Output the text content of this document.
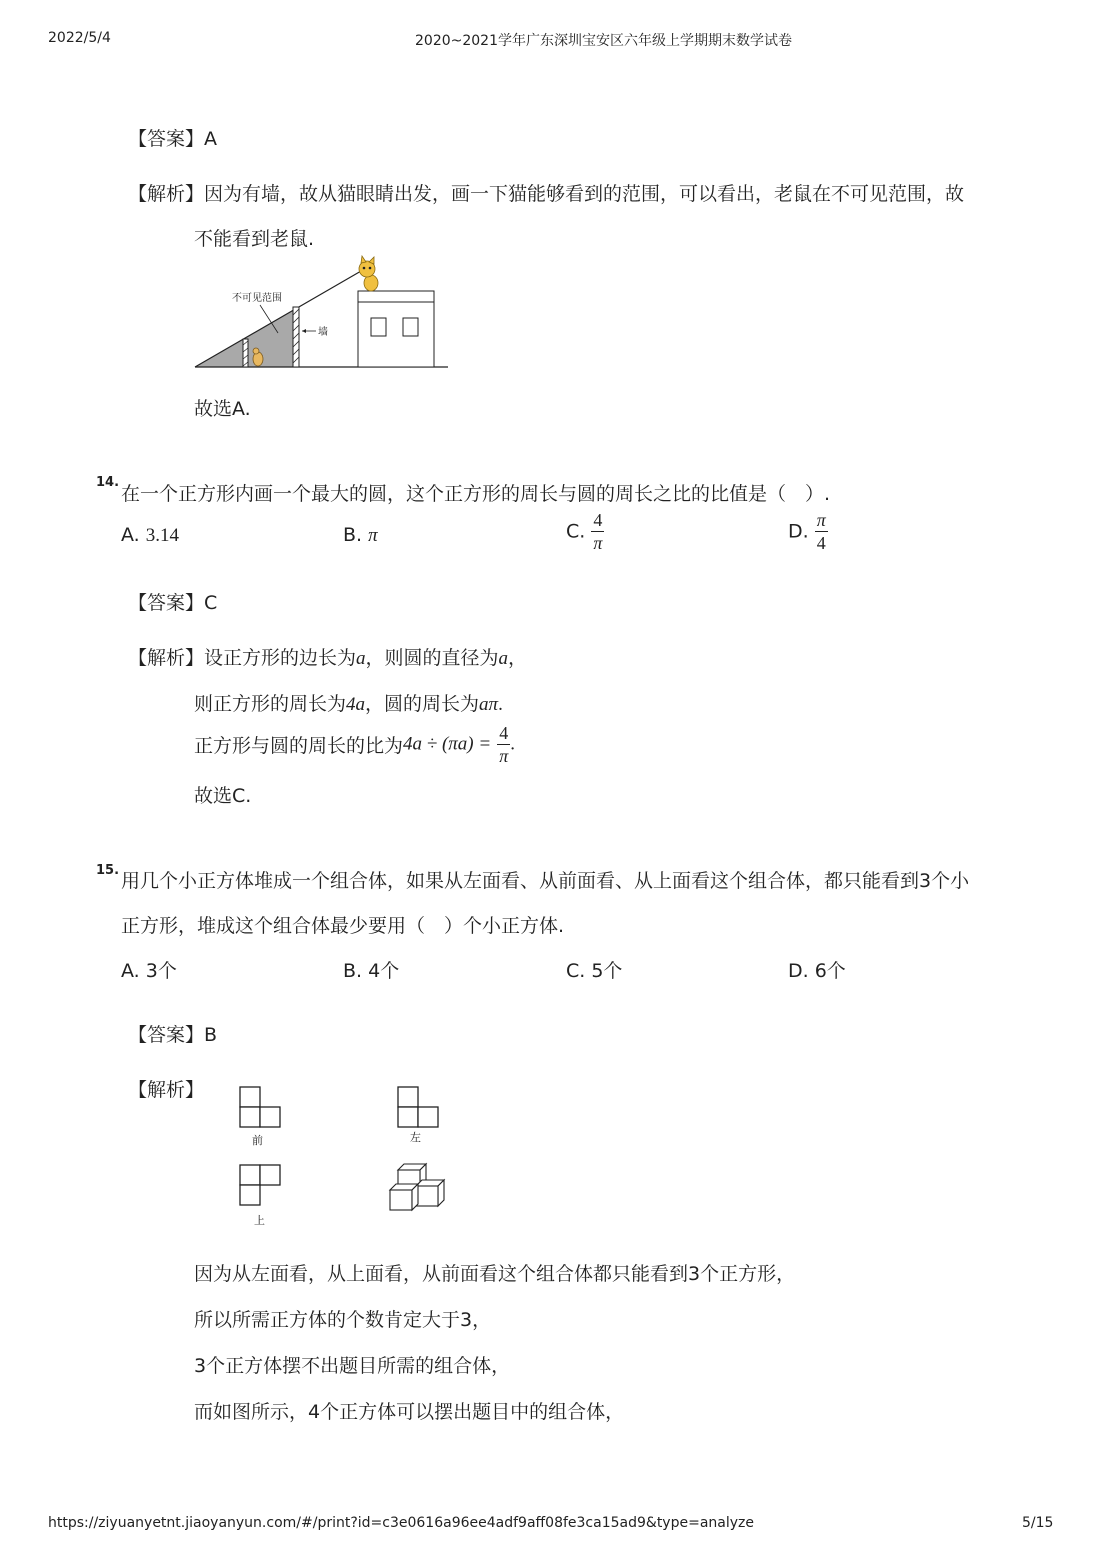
2022/5/4	2020~2021学年广东深圳宝安区六年级上学期期末数学试卷
【答案】A
【解析】因为有墙，故从猫眼睛出发，画一下猫能够看到的范围，可以看出，老鼠在不可见范围，故
不能看到老鼠.
不可见范围
墙
故选A.
14.
在一个正方形内画一个最大的圆，这个正方形的周长与圆的周长之比的比值是（　）.
A. 3.14	B. π	C. $\frac{4}{\pi}$	D. $\frac{\pi}{4}$
【答案】C
【解析】设正方形的边长为a，则圆的直径为a，
则正方形的周长为4a，圆的周长为aπ.
正方形与圆的周长的比为$4a \div (\pi a) = \frac{4}{\pi}$ .
故选C.
15. 用几个小正方体堆成一个组合体，如果从左面看、从前面看、从上面看这个组合体，都只能看到3个小
正方形，堆成这个组合体最少要用（　）个小正方体.
A. 3个	B. 4个	C. 5个	D. 6个
【答案】B
【解析】
前	左
上
因为从左面看，从上面看，从前面看这个组合体都只能看到3个正方形，
所以所需正方体的个数肯定大于3，
3个正方体摆不出题目所需的组合体，
而如图所示，4个正方体可以摆出题目中的组合体，
https://ziyuanyetnt.jiaoyanyun.com/#/print?id=c3e0616a96ee4adf9aff08fe3ca15ad9&type=analyze	5/15
